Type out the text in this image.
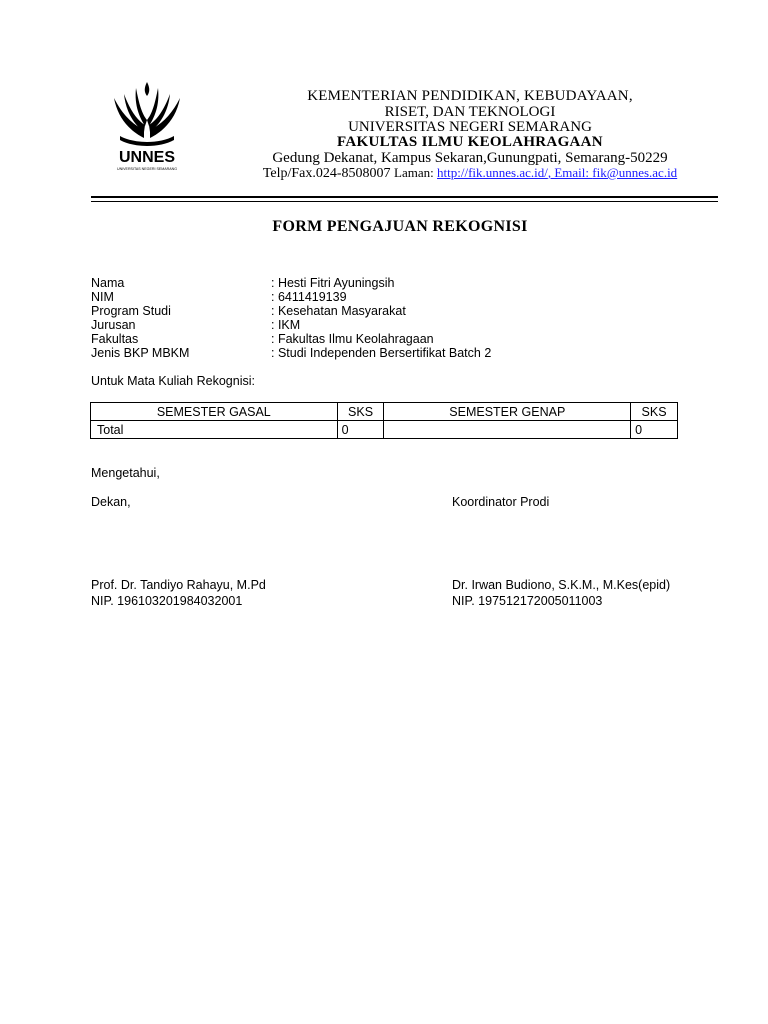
UNNES
UNIVERSITAS NEGERI SEMARANG
KEMENTERIAN PENDIDIKAN, KEBUDAYAAN,
RISET, DAN TEKNOLOGI
UNIVERSITAS NEGERI SEMARANG
FAKULTAS ILMU KEOLAHRAGAAN
Gedung Dekanat, Kampus Sekaran,Gunungpati, Semarang-50229
Telp/Fax.024-8508007 Laman: http://fik.unnes.ac.id/, Email: fik@unnes.ac.id
FORM PENGAJUAN REKOGNISI
Nama	: Hesti Fitri Ayuningsih
NIM	: 6411419139
Program Studi	: Kesehatan Masyarakat
Jurusan	: IKM
Fakultas	: Fakultas Ilmu Keolahragaan
Jenis BKP MBKM	: Studi Independen Bersertifikat Batch 2
Untuk Mata Kuliah Rekognisi:
SEMESTER GASAL	SKS	SEMESTER GENAP	SKS
Total	0		0
Mengetahui,
Dekan,	Koordinator Prodi
Prof. Dr. Tandiyo Rahayu, M.Pd
NIP. 196103201984032001
Dr. Irwan Budiono, S.K.M., M.Kes(epid)
NIP. 197512172005011003
